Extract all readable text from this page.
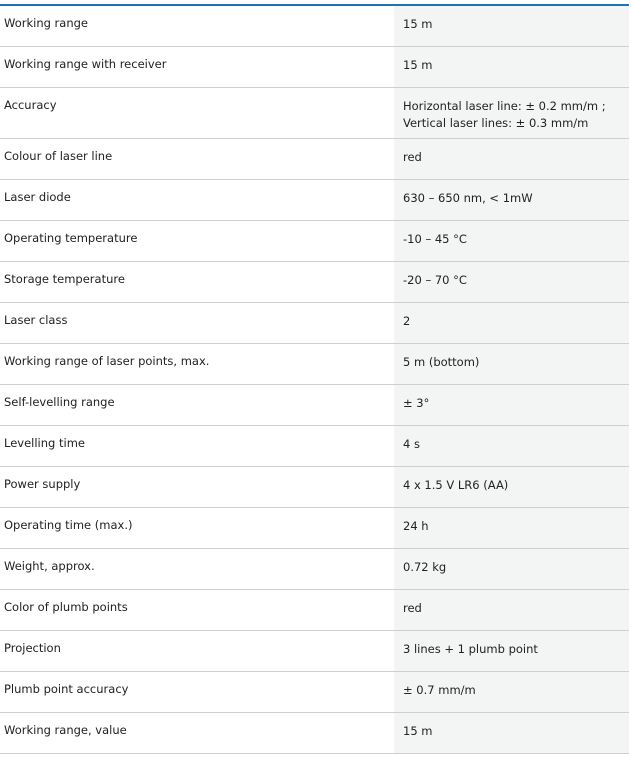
Working range	15 m
Working range with receiver	15 m
Accuracy	Horizontal laser line: ± 0.2 mm/m ;
Vertical laser lines: ± 0.3 mm/m
Colour of laser line	red
Laser diode	630 – 650 nm, < 1mW
Operating temperature	-10 – 45 °C
Storage temperature	-20 – 70 °C
Laser class	2
Working range of laser points, max.	5 m (bottom)
Self-levelling range	± 3°
Levelling time	4 s
Power supply	4 x 1.5 V LR6 (AA)
Operating time (max.)	24 h
Weight, approx.	0.72 kg
Color of plumb points	red
Projection	3 lines + 1 plumb point
Plumb point accuracy	± 0.7 mm/m
Working range, value	15 m
